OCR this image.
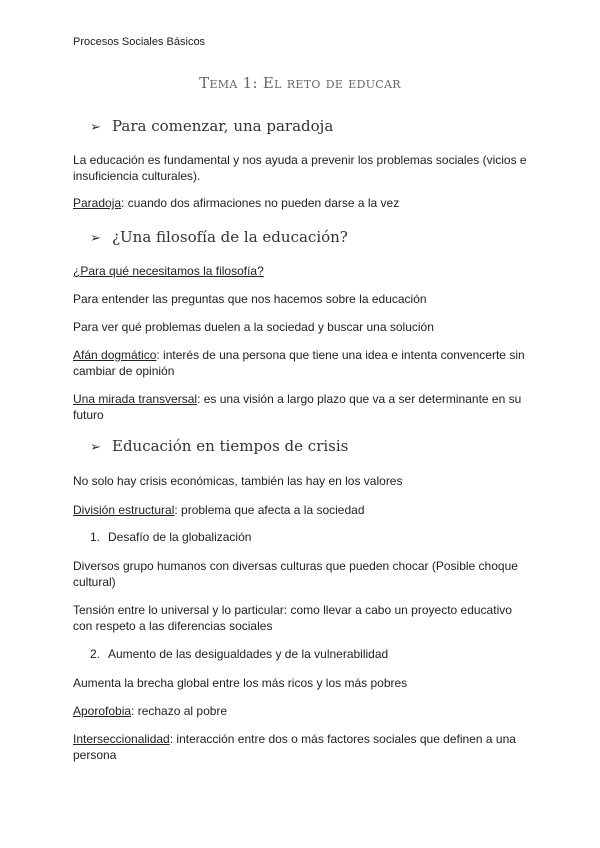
Procesos Sociales Básicos
Tema 1: El reto de educar
➢ Para comenzar, una paradoja
La educación es fundamental y nos ayuda a prevenir los problemas sociales (vicios e insuficiencia culturales).
Paradoja: cuando dos afirmaciones no pueden darse a la vez
➢ ¿Una filosofía de la educación?
¿Para qué necesitamos la filosofía?
Para entender las preguntas que nos hacemos sobre la educación
Para ver qué problemas duelen a la sociedad y buscar una solución
Afán dogmático: interés de una persona que tiene una idea e intenta convencerte sin cambiar de opinión
Una mirada transversal: es una visión a largo plazo que va a ser determinante en su futuro
➢ Educación en tiempos de crisis
No solo hay crisis económicas, también las hay en los valores
División estructural: problema que afecta a la sociedad
1. Desafío de la globalización
Diversos grupo humanos con diversas culturas que pueden chocar (Posible choque cultural)
Tensión entre lo universal y lo particular: como llevar a cabo un proyecto educativo con respeto a las diferencias sociales
2. Aumento de las desigualdades y de la vulnerabilidad
Aumenta la brecha global entre los más ricos y los más pobres
Aporofobia: rechazo al pobre
Interseccionalidad: interacción entre dos o más factores sociales que definen a una persona
